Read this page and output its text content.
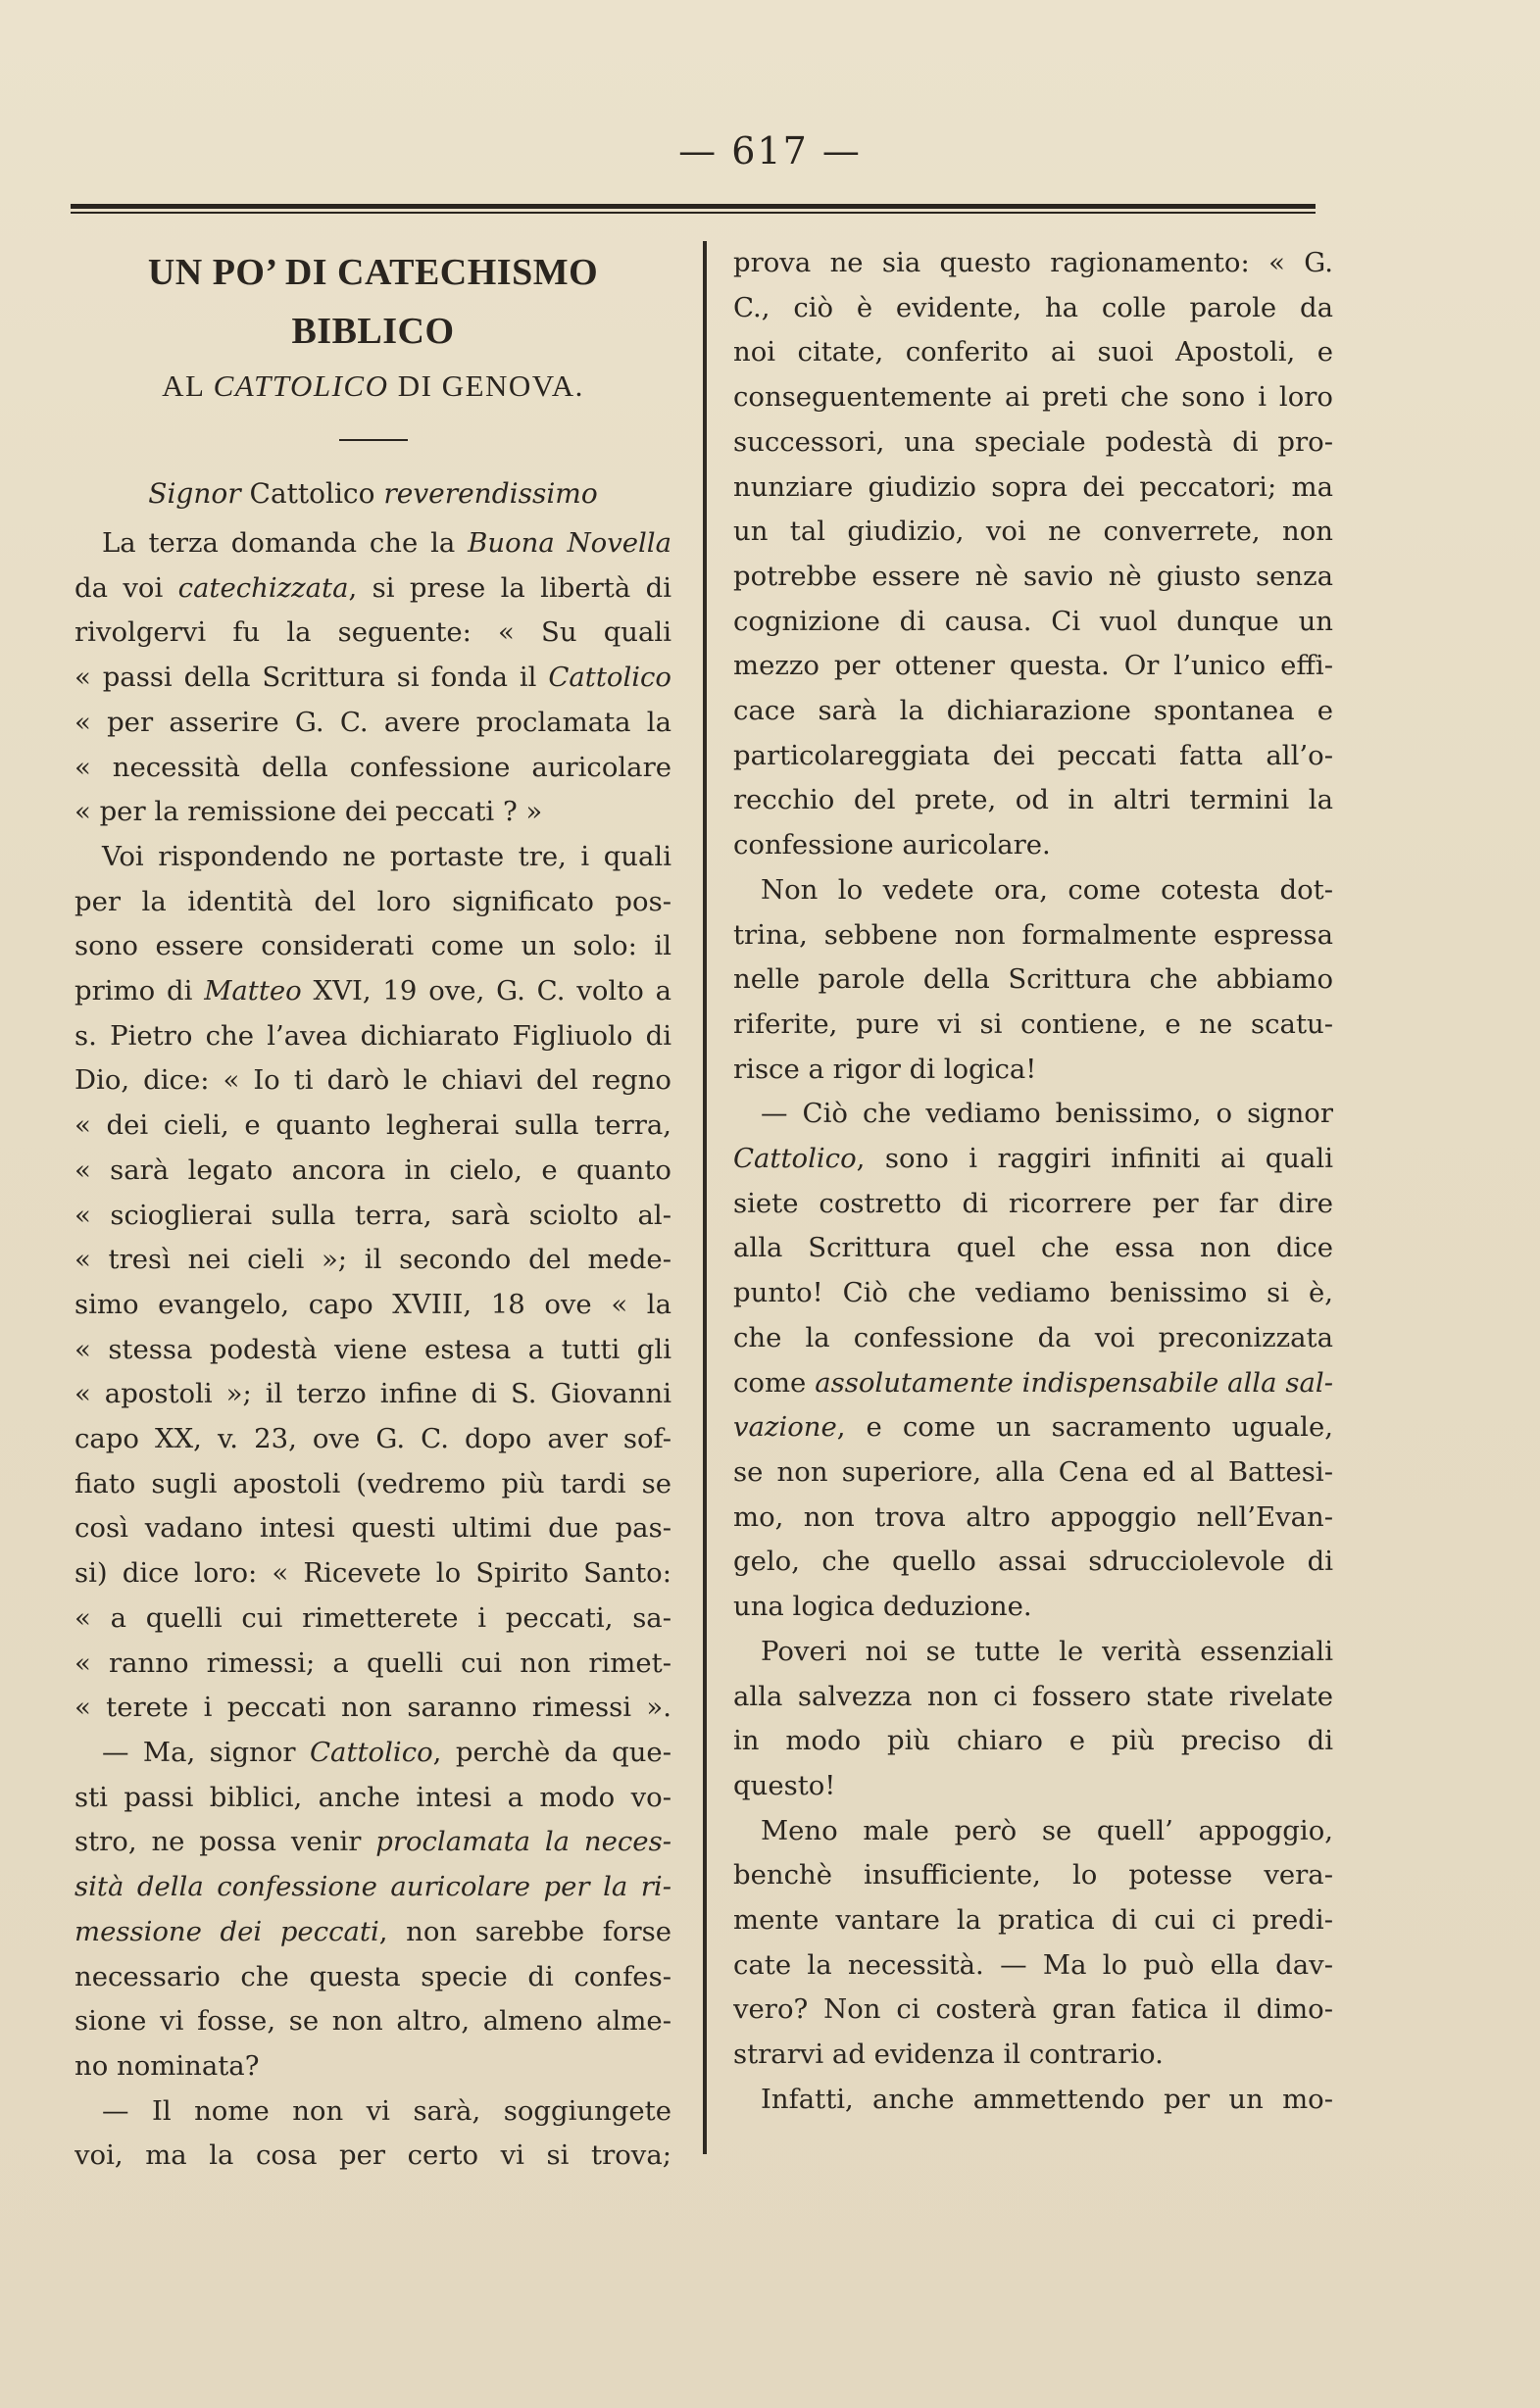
— 617 —
UN PO’ DI CATECHISMO BIBLICO
AL CATTOLICO DI GENOVA.
Signor Cattolico reverendissimo
La terza domanda che la Buona Novella
da voi catechizzata, si prese la libertà di
rivolgervi fu la seguente: « Su quali
« passi della Scrittura si fonda il Cattolico
« per asserire G. C. avere proclamata la
« necessità della confessione auricolare
« per la remissione dei peccati ? »
Voi rispondendo ne portaste tre, i quali
per la identità del loro significato pos-
sono essere considerati come un solo: il
primo di Matteo XVI, 19 ove, G. C. volto a
s. Pietro che l’avea dichiarato Figliuolo di
Dio, dice: « Io ti darò le chiavi del regno
« dei cieli, e quanto legherai sulla terra,
« sarà legato ancora in cielo, e quanto
« scioglierai sulla terra, sarà sciolto al-
« tresì nei cieli »; il secondo del mede-
simo evangelo, capo XVIII, 18 ove « la
« stessa podestà viene estesa a tutti gli
« apostoli »; il terzo infine di S. Giovanni
capo XX, v. 23, ove G. C. dopo aver sof-
fiato sugli apostoli (vedremo più tardi se
così vadano intesi questi ultimi due pas-
si) dice loro: « Ricevete lo Spirito Santo:
« a quelli cui rimetterete i peccati, sa-
« ranno rimessi; a quelli cui non rimet-
« terete i peccati non saranno rimessi ».
— Ma, signor Cattolico, perchè da que-
sti passi biblici, anche intesi a modo vo-
stro, ne possa venir proclamata la neces-
sità della confessione auricolare per la ri-
messione dei peccati, non sarebbe forse
necessario che questa specie di confes-
sione vi fosse, se non altro, almeno alme-
no nominata?
— Il nome non vi sarà, soggiungete
voi, ma la cosa per certo vi si trova;
prova ne sia questo ragionamento: « G.
C., ciò è evidente, ha colle parole da
noi citate, conferito ai suoi Apostoli, e
conseguentemente ai preti che sono i loro
successori, una speciale podestà di pro-
nunziare giudizio sopra dei peccatori; ma
un tal giudizio, voi ne converrete, non
potrebbe essere nè savio nè giusto senza
cognizione di causa. Ci vuol dunque un
mezzo per ottener questa. Or l’unico effi-
cace sarà la dichiarazione spontanea e
particolareggiata dei peccati fatta all’o-
recchio del prete, od in altri termini la
confessione auricolare.
Non lo vedete ora, come cotesta dot-
trina, sebbene non formalmente espressa
nelle parole della Scrittura che abbiamo
riferite, pure vi si contiene, e ne scatu-
risce a rigor di logica!
— Ciò che vediamo benissimo, o signor
Cattolico, sono i raggiri infiniti ai quali
siete costretto di ricorrere per far dire
alla Scrittura quel che essa non dice
punto! Ciò che vediamo benissimo si è,
che la confessione da voi preconizzata
come assolutamente indispensabile alla sal-
vazione, e come un sacramento uguale,
se non superiore, alla Cena ed al Battesi-
mo, non trova altro appoggio nell’Evan-
gelo, che quello assai sdrucciolevole di
una logica deduzione.
Poveri noi se tutte le verità essenziali
alla salvezza non ci fossero state rivelate
in modo più chiaro e più preciso di
questo!
Meno male però se quell’ appoggio,
benchè insufficiente, lo potesse vera-
mente vantare la pratica di cui ci predi-
cate la necessità. — Ma lo può ella dav-
vero? Non ci costerà gran fatica il dimo-
strarvi ad evidenza il contrario.
Infatti, anche ammettendo per un mo-
